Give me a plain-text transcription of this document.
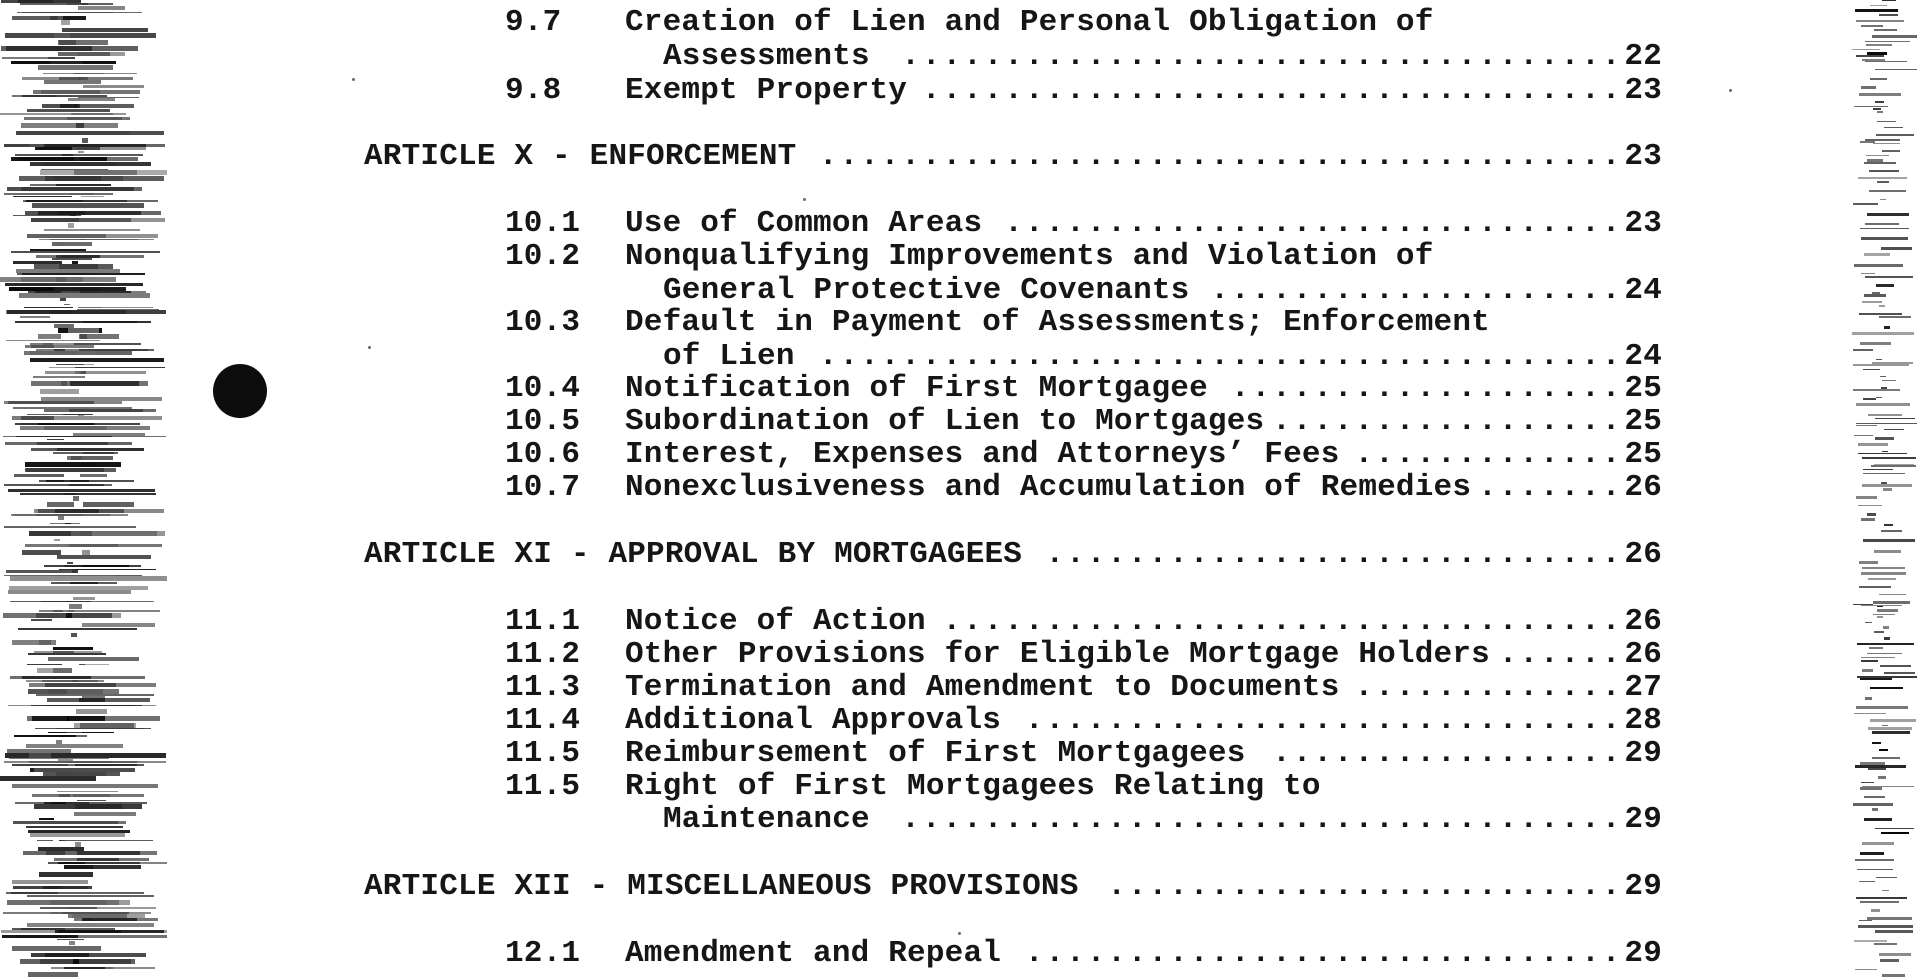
9.7 Creation of Lien and Personal Obligation of
Assessments	22
...................................
9.8 Exempt Property	23
..................................
ARTICLE X - ENFORCEMENT	23
.......................................
10.1 Use of Common Areas	23
..............................
10.2 Nonqualifying Improvements and Violation of
General Protective Covenants	24
....................
10.3 Default in Payment of Assessments; Enforcement
of Lien	24
.......................................
10.4 Notification of First Mortgagee	25
...................
10.5 Subordination of Lien to Mortgages	25
.................
10.6 Interest, Expenses and Attorneys’ Fees	25
.............
10.7 Nonexclusiveness and Accumulation of Remedies	26
.......
ARTICLE XI - APPROVAL BY MORTGAGEES	26
............................
11.1 Notice of Action	26
.................................
11.2 Other Provisions for Eligible Mortgage Holders	26
......
11.3 Termination and Amendment to Documents	27
.............
11.4 Additional Approvals	28
.............................
11.5 Reimbursement of First Mortgagees	29
.................
11.5 Right of First Mortgagees Relating to
Maintenance	29
...................................
ARTICLE XII - MISCELLANEOUS PROVISIONS	29
.........................
12.1 Amendment and Repeal	29
.............................
